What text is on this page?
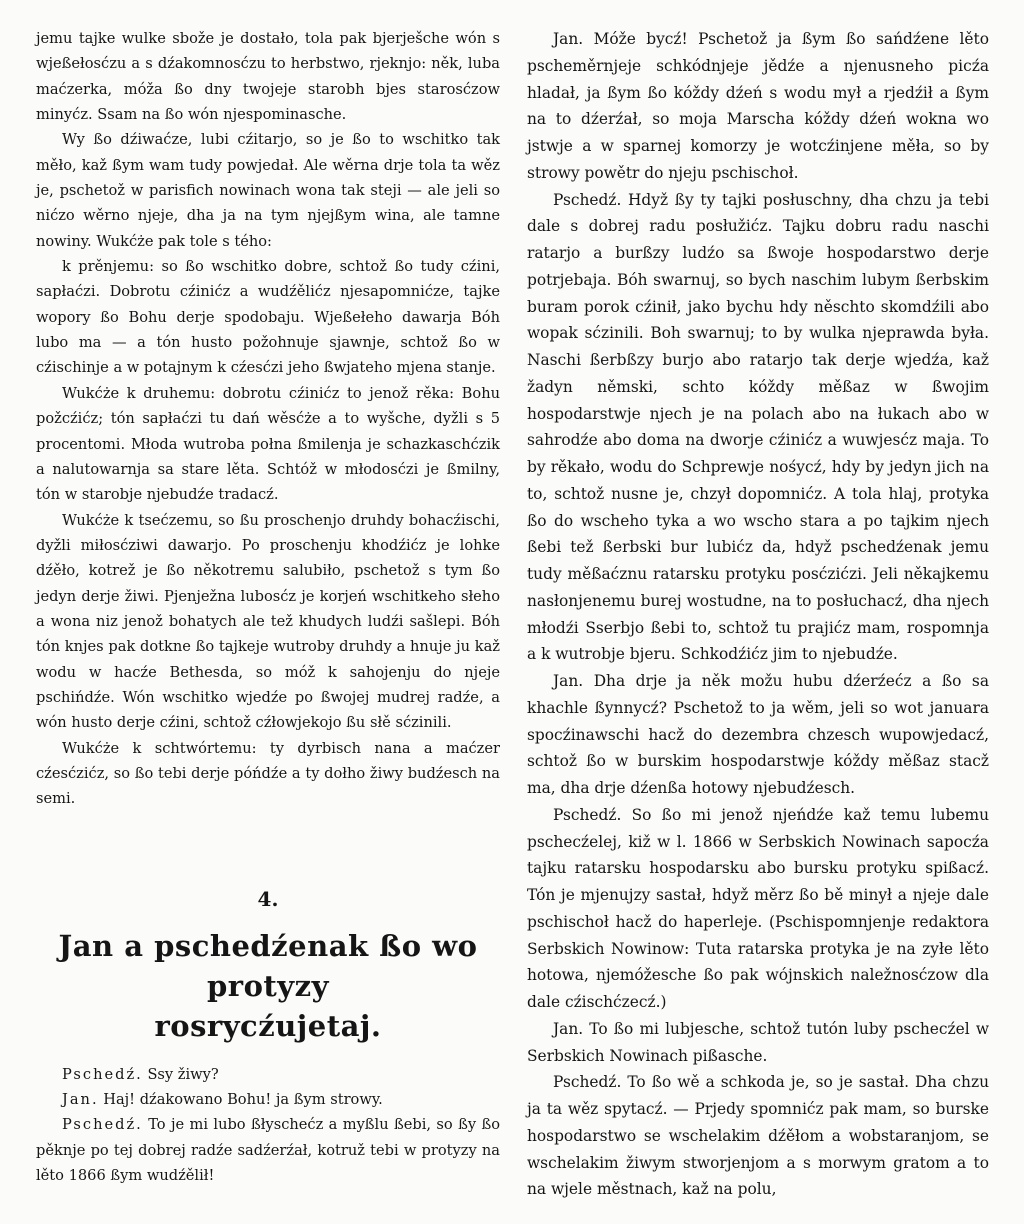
jemu tajke wulke sbože je dostało, tola pak bjerješche wón s wjeßełosćzu a s dźakomnosćzu to herbstwo, rjeknjo: něk, luba maćzerka, móža ßo dny twojeje starobh bjes starosćzow minyćz. Ssam na ßo wón njespominasche.

Wy ßo dźiwaćze, lubi cźitarjo, so je ßo to wschitko tak měło, kaž ßym wam tudy powjedał. Ale wěrna drje tola ta wěz je, pschetož w parisfich nowinach wona tak steji — ale jeli so nićzo wěrno njeje, dha ja na tym njejßym wina, ale tamne nowiny. Wukćże pak tole s tého:

k prěnjemu: so ßo wschitko dobre, schtož ßo tudy cźini, sapłaćzi. Dobrotu cźinićz a wudźělićz njesapomnićze, tajke wopory ßo Bohu derje spodobaju. Wjeßełeho dawarja Bóh lubo ma — a tón husto požohnuje sjawnje, schtož ßo w cźischinje a w potajnym k cźesćzi jeho ßwjateho mjena stanje.

Wukćże k druhemu: dobrotu cźinićz to jenož rěka: Bohu požcźićz; tón sapłaćzi tu dań wěsćże a to wyšche, dyžli s 5 procentomi. Młoda wutroba połna ßmilenja je schazkaschćzik a nalutowarnja sa stare lěta. Schtóž w młodosćzi je ßmilny, tón w starobje njebudźe tradacź.

Wukćże k tsećzemu, so ßu proschenjo druhdy bohacźischi, dyžli miłosćziwi dawarjo. Po proschenju khodźićz je lohke dźěło, kotrež je ßo někotremu salubiło, pschetož s tym ßo jedyn derje žiwi. Pjenježna lubosćz je korjeń wschitkeho słeho a wona niz jenož bohatych ale tež khudych ludźi sašlepi. Bóh tón knjes pak dotkne ßo tajkeje wutroby druhdy a hnuje ju kaž wodu w hacźe Bethesda, so móž k sahojenju do njeje pschińdźe. Wón wschitko wjedźe po ßwojej mudrej radźe, a wón husto derje cźini, schtož cźłowjekojo ßu słě sćzinili.

Wukćże k schtwórtemu: ty dyrbisch nana a maćzer cźesćzićz, so ßo tebi derje póńdźe a ty dołho žiwy budźesch na semi.

4.
Jan a pschedźenak ßo wo protyzy
rosrycźujetaj.

Pschedź. Ssy žiwy?

Jan. Haj! dźakowano Bohu! ja ßym strowy.

Pschedź. To je mi lubo ßłyschećz a myßlu ßebi, so ßy ßo pěknje po tej dobrej radźe sadźerźał, kotruž tebi w protyzy na lěto 1866 ßym wudźělił!

Jan. Móže bycź! Pschetož ja ßym ßo sańdźene lěto pscheměrnjeje schkódnjeje jědźe a njenusneho picźa hladał, ja ßym ßo kóždy dźeń s wodu mył a rjedźił a ßym na to dźerźał, so moja Marscha kóždy dźeń wokna wo jstwje a w sparnej komorzy je wotcźinjene měła, so by strowy powětr do njeju pschischoł.

Pschedź. Hdyž ßy ty tajki posłuschny, dha chzu ja tebi dale s dobrej radu posłužićz. Tajku dobru radu naschi ratarjo a burßzy ludźo sa ßwoje hospodarstwo derje potrjebaja. Bóh swarnuj, so bych naschim lubym ßerbskim buram porok cźinił, jako bychu hdy něschto skomdźili abo wopak sćzinili. Boh swarnuj; to by wulka njeprawda była. Naschi ßerbßzy burjo abo ratarjo tak derje wjedźa, kaž žadyn němski, schto kóždy měßaz w ßwojim hospodarstwje njech je na polach abo na łukach abo w sahrodźe abo doma na dworje cźinićz a wuwjesćz maja. To by rěkało, wodu do Schprewje nośycź, hdy by jedyn jich na to, schtož nusne je, chzył dopomnićz. A tola hlaj, protyka ßo do wscheho tyka a wo wscho stara a po tajkim njech ßebi tež ßerbski bur lubićz da, hdyž pschedźenak jemu tudy měßaćznu ratarsku protyku posćzićzi. Jeli někajkemu nasłonjenemu burej wostudne, na to posłuchacź, dha njech młodźi Sserbjo ßebi to, schtož tu prajićz mam, rospomnja a k wutrobje bjeru. Schkodźićz jim to njebudźe.

Jan. Dha drje ja něk možu hubu dźerźećz a ßo sa khachle ßynnycź? Pschetož to ja wěm, jeli so wot januara spocźinawschi hacž do dezembra chzesch wupowjedacź, schtož ßo w burskim hospodarstwje kóždy měßaz stacž ma, dha drje dźenßa hotowy njebudźesch.

Pschedź. So ßo mi jenož njeńdźe kaž temu lubemu pschecźelej, kiž w l. 1866 w Serbskich Nowinach sapocźa tajku ratarsku hospodarsku abo bursku protyku spißacź. Tón je mjenujzy sastał, hdyž měrz ßo bě minył a njeje dale pschischoł hacž do haperleje. (Pschispomnjenje redaktora Serbskich Nowinow: Tuta ratarska protyka je na zyłe lěto hotowa, njemóžesche ßo pak wójnskich naležnosćzow dla dale cźischćzecź.)

Jan. To ßo mi lubjesche, schtož tutón luby pschecźel w Serbskich Nowinach pißasche.

Pschedź. To ßo wě a schkoda je, so je sastał. Dha chzu ja ta wěz spytacź. — Prjedy spomnićz pak mam, so burske hospodarstwo se wschelakim dźěłom a wobstaranjom, se wschelakim žiwym stworjenjom a s morwym gratom a to na wjele městnach, kaž na polu,
